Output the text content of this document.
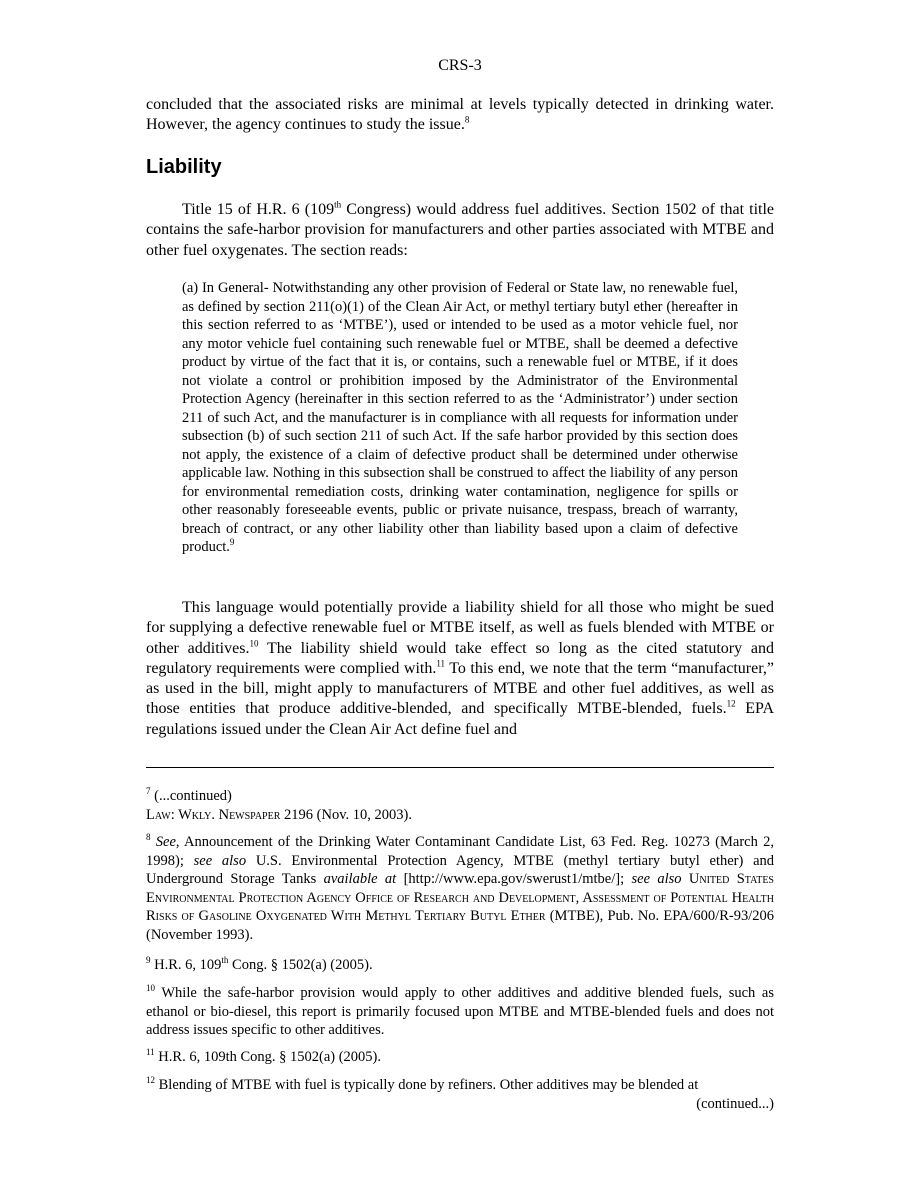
CRS-3

concluded that the associated risks are minimal at levels typically detected in drinking water. However, the agency continues to study the issue.$^8$

Liability

Title 15 of H.R. 6 (109th Congress) would address fuel additives. Section 1502 of that title contains the safe-harbor provision for manufacturers and other parties associated with MTBE and other fuel oxygenates. The section reads:

(a) In General- Notwithstanding any other provision of Federal or State law, no renewable fuel, as defined by section 211(o)(1) of the Clean Air Act, or methyl tertiary butyl ether (hereafter in this section referred to as ‘MTBE’), used or intended to be used as a motor vehicle fuel, nor any motor vehicle fuel containing such renewable fuel or MTBE, shall be deemed a defective product by virtue of the fact that it is, or contains, such a renewable fuel or MTBE, if it does not violate a control or prohibition imposed by the Administrator of the Environmental Protection Agency (hereinafter in this section referred to as the ‘Administrator’) under section 211 of such Act, and the manufacturer is in compliance with all requests for information under subsection (b) of such section 211 of such Act. If the safe harbor provided by this section does not apply, the existence of a claim of defective product shall be determined under otherwise applicable law. Nothing in this subsection shall be construed to affect the liability of any person for environmental remediation costs, drinking water contamination, negligence for spills or other reasonably foreseeable events, public or private nuisance, trespass, breach of warranty, breach of contract, or any other liability other than liability based upon a claim of defective product.$^9$

This language would potentially provide a liability shield for all those who might be sued for supplying a defective renewable fuel or MTBE itself, as well as fuels blended with MTBE or other additives.$^{10}$ The liability shield would take effect so long as the cited statutory and regulatory requirements were complied with.$^{11}$ To this end, we note that the term “manufacturer,” as used in the bill, might apply to manufacturers of MTBE and other fuel additives, as well as those entities that produce additive-blended, and specifically MTBE-blended, fuels.$^{12}$ EPA regulations issued under the Clean Air Act define fuel and

$^7$ (...continued)
Law: Wkly. Newspaper 2196 (Nov. 10, 2003).

$^8$ See, Announcement of the Drinking Water Contaminant Candidate List, 63 Fed. Reg. 10273 (March 2, 1998); see also U.S. Environmental Protection Agency, MTBE (methyl tertiary butyl ether) and Underground Storage Tanks available at [http://www.epa.gov/swerust1/mtbe/]; see also United States Environmental Protection Agency Office of Research and Development, Assessment of Potential Health Risks of Gasoline Oxygenated With Methyl Tertiary Butyl Ether (MTBE), Pub. No. EPA/600/R-93/206 (November 1993).

$^9$ H.R. 6, 109th Cong. § 1502(a) (2005).

$^{10}$ While the safe-harbor provision would apply to other additives and additive blended fuels, such as ethanol or bio-diesel, this report is primarily focused upon MTBE and MTBE-blended fuels and does not address issues specific to other additives.

$^{11}$ H.R. 6, 109th Cong. § 1502(a) (2005).

$^{12}$ Blending of MTBE with fuel is typically done by refiners. Other additives may be blended at

(continued...)
